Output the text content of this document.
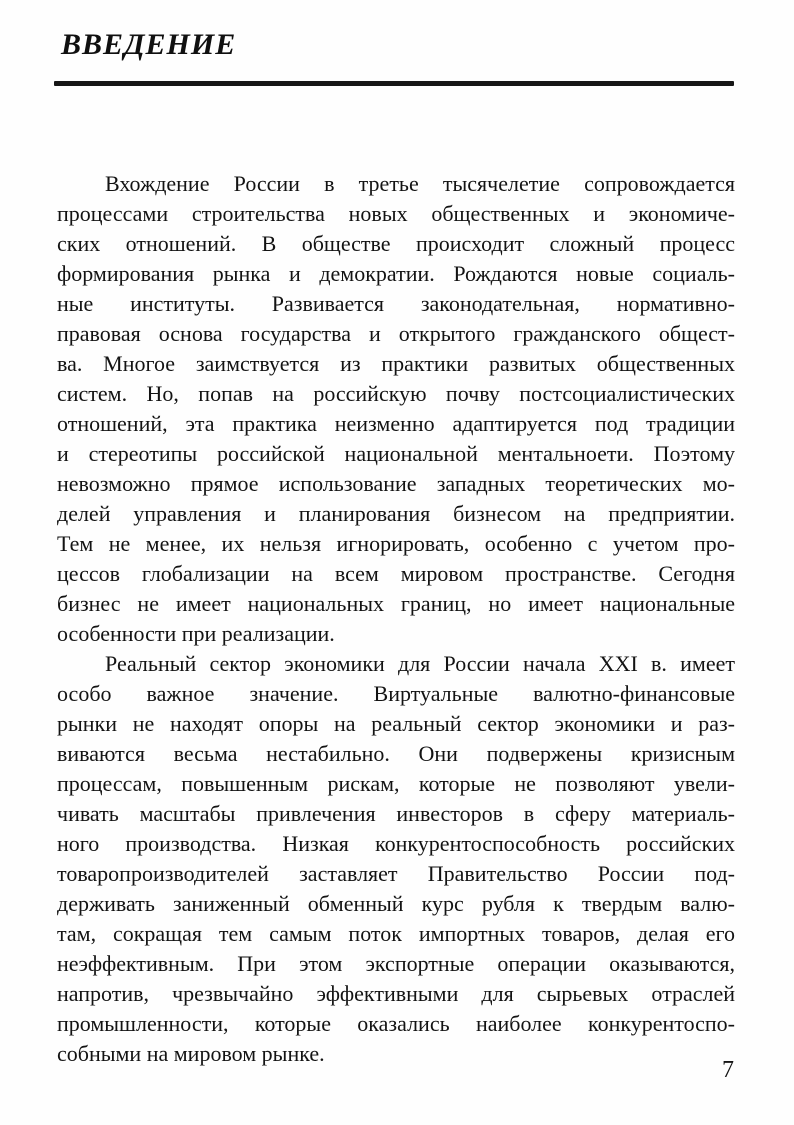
ВВЕДЕНИЕ
Вхождение России в третье тысячелетие сопровождается
процессами строительства новых общественных и экономиче-
ских отношений. В обществе происходит сложный процесс
формирования рынка и демократии. Рождаются новые социаль-
ные институты. Развивается законодательная, нормативно-
правовая основа государства и открытого гражданского общест-
ва. Многое заимствуется из практики развитых общественных
систем. Но, попав на российскую почву постсоциалистических
отношений, эта практика неизменно адаптируется под традиции
и стереотипы российской национальной ментальноети. Поэтому
невозможно прямое использование западных теоретических мо-
делей управления и планирования бизнесом на предприятии.
Тем не менее, их нельзя игнорировать, особенно с учетом про-
цессов глобализации на всем мировом пространстве. Сегодня
бизнес не имеет национальных границ, но имеет национальные
особенности при реализации.
Реальный сектор экономики для России начала XXI в. имеет
особо важное значение. Виртуальные валютно-финансовые
рынки не находят опоры на реальный сектор экономики и раз-
виваются весьма нестабильно. Они подвержены кризисным
процессам, повышенным рискам, которые не позволяют увели-
чивать масштабы привлечения инвесторов в сферу материаль-
ного производства. Низкая конкурентоспособность российских
товаропроизводителей заставляет Правительство России под-
держивать заниженный обменный курс рубля к твердым валю-
там, сокращая тем самым поток импортных товаров, делая его
неэффективным. При этом экспортные операции оказываются,
напротив, чрезвычайно эффективными для сырьевых отраслей
промышленности, которые оказались наиболее конкурентоспо-
собными на мировом рынке.
7
